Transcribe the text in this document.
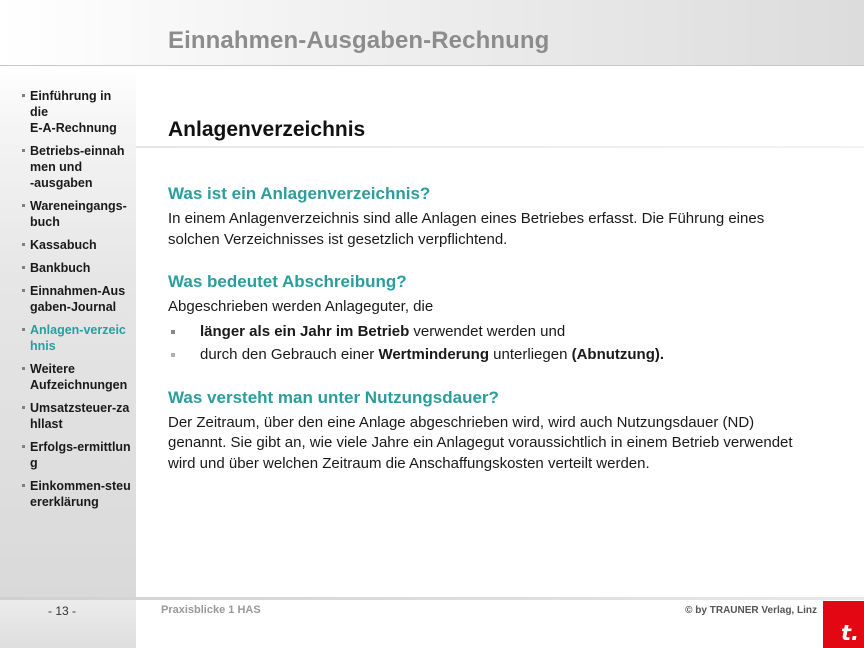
Einnahmen-Ausgaben-Rechnung
Einführung in
die
E-A-Rechnung
Betriebs-einnah
men und
-ausgaben
Wareneingangs-
buch
Kassabuch
Bankbuch
Einnahmen-Aus
gaben-Journal
Anlagen-verzeic
hnis
Weitere
Aufzeichnungen
Umsatzsteuer-za
hllast
Erfolgs-ermittlun
g
Einkommen-steu
ererklärung
Anlagenverzeichnis
Was ist ein Anlagenverzeichnis?
In einem Anlagenverzeichnis sind alle Anlagen eines Betriebes erfasst. Die Führung eines solchen Verzeichnisses ist gesetzlich verpflichtend.
Was bedeutet Abschreibung?
Abgeschrieben werden Anlageguter, die
länger als ein Jahr im Betrieb verwendet werden und
durch den Gebrauch einer Wertminderung unterliegen (Abnutzung).
Was versteht man unter Nutzungsdauer?
Der Zeitraum, über den eine Anlage abgeschrieben wird, wird auch Nutzungsdauer (ND) genannt. Sie gibt an, wie viele Jahre ein Anlagegut voraussichtlich in einem Betrieb verwendet wird und über welchen Zeitraum die Anschaffungskosten verteilt werden.
- 13 -	Praxisblicke 1 HAS	© by TRAUNER Verlag, Linz
t.
